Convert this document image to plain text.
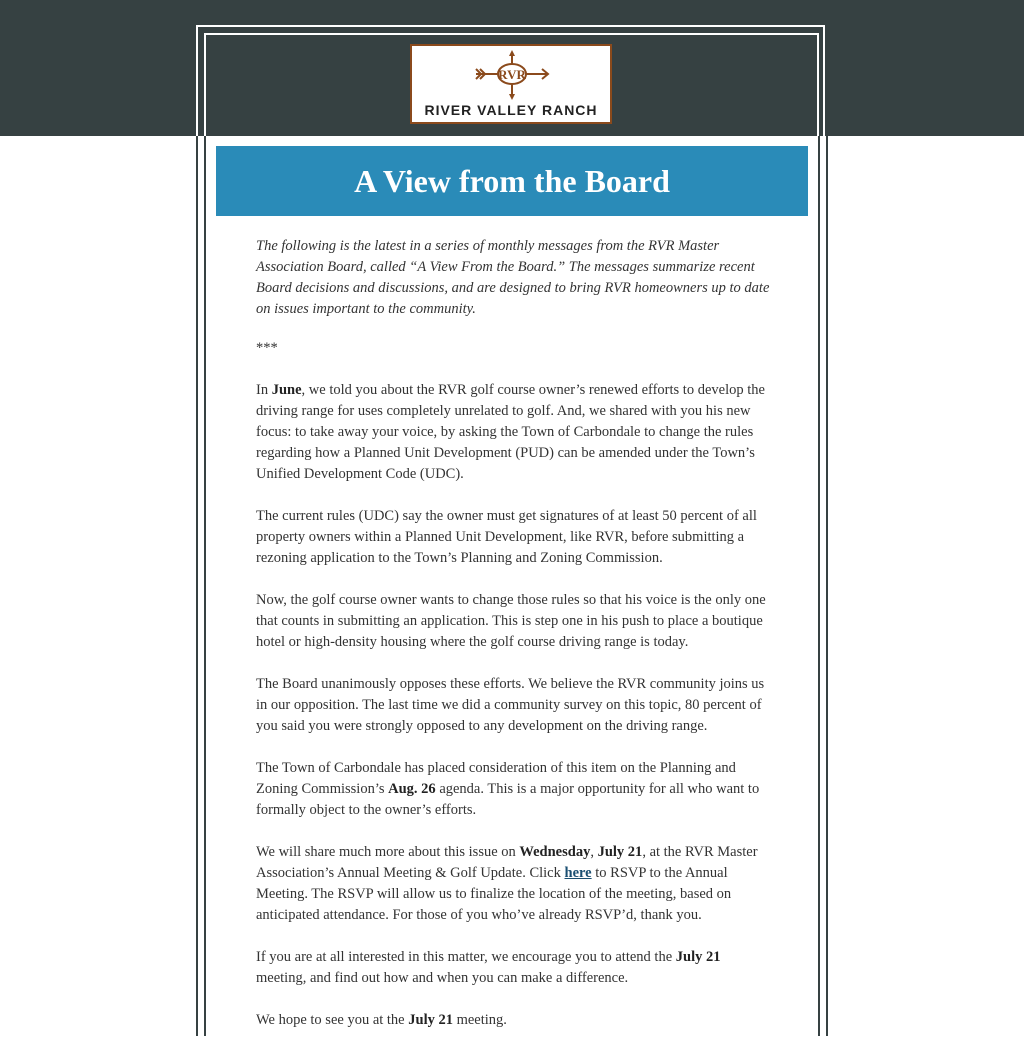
RVR
RIVER VALLEY RANCH
A View from the Board

The following is the latest in a series of monthly messages from the RVR Master Association Board, called “A View From the Board.” The messages summarize recent Board decisions and discussions, and are designed to bring RVR homeowners up to date on issues important to the community.

***

In June, we told you about the RVR golf course owner’s renewed efforts to develop the driving range for uses completely unrelated to golf. And, we shared with you his new focus: to take away your voice, by asking the Town of Carbondale to change the rules regarding how a Planned Unit Development (PUD) can be amended under the Town’s Unified Development Code (UDC).

The current rules (UDC) say the owner must get signatures of at least 50 percent of all property owners within a Planned Unit Development, like RVR, before submitting a rezoning application to the Town’s Planning and Zoning Commission.

Now, the golf course owner wants to change those rules so that his voice is the only one that counts in submitting an application. This is step one in his push to place a boutique hotel or high-density housing where the golf course driving range is today.

The Board unanimously opposes these efforts. We believe the RVR community joins us in our opposition. The last time we did a community survey on this topic, 80 percent of you said you were strongly opposed to any development on the driving range.

The Town of Carbondale has placed consideration of this item on the Planning and Zoning Commission’s Aug. 26 agenda. This is a major opportunity for all who want to formally object to the owner’s efforts.

We will share much more about this issue on Wednesday, July 21, at the RVR Master Association’s Annual Meeting & Golf Update. Click here to RSVP to the Annual Meeting. The RSVP will allow us to finalize the location of the meeting, based on anticipated attendance. For those of you who’ve already RSVP’d, thank you.

If you are at all interested in this matter, we encourage you to attend the July 21 meeting, and find out how and when you can make a difference.

We hope to see you at the July 21 meeting.
